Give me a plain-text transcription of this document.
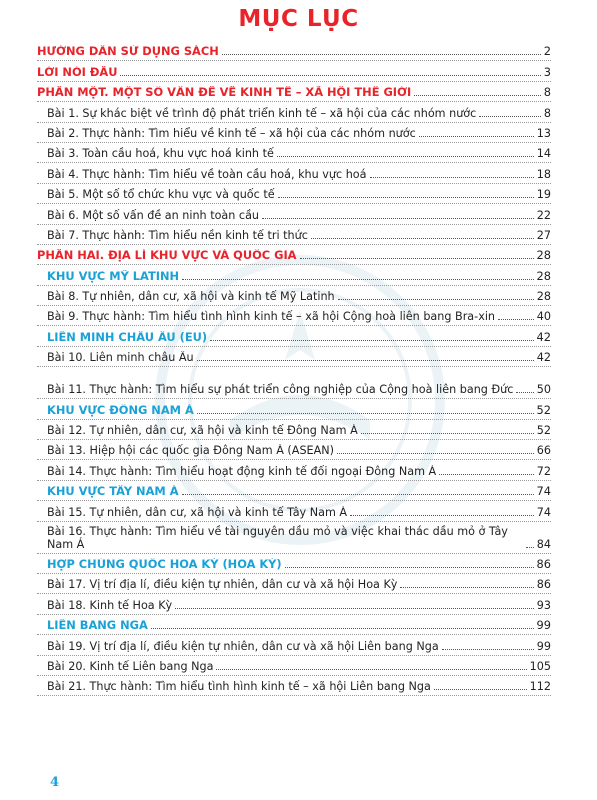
MỤC LỤC
HƯỚNG DẪN SỬ DỤNG SÁCH	2
LỜI NÓI ĐẦU	3
PHẦN MỘT. MỘT SỐ VẤN ĐỀ VỀ KINH TẾ – XÃ HỘI THẾ GIỚI	8
Bài 1. Sự khác biệt về trình độ phát triển kinh tế – xã hội của các nhóm nước	8
Bài 2. Thực hành: Tìm hiểu về kinh tế – xã hội của các nhóm nước	13
Bài 3. Toàn cầu hoá, khu vực hoá kinh tế	14
Bài 4. Thực hành: Tìm hiểu về toàn cầu hoá, khu vực hoá	18
Bài 5. Một số tổ chức khu vực và quốc tế	19
Bài 6. Một số vấn đề an ninh toàn cầu	22
Bài 7. Thực hành: Tìm hiểu nền kinh tế tri thức	27
PHẦN HAI. ĐỊA LÍ KHU VỰC VÀ QUỐC GIA	28
KHU VỰC MỸ LATINH	28
Bài 8. Tự nhiên, dân cư, xã hội và kinh tế Mỹ Latinh	28
Bài 9. Thực hành: Tìm hiểu tình hình kinh tế – xã hội Cộng hoà liên bang Bra-xin	40
LIÊN MINH CHÂU ÂU (EU)	42
Bài 10. Liên minh châu Âu	42
Bài 11. Thực hành: Tìm hiểu sự phát triển công nghiệp của Cộng hoà liên bang Đức 50
KHU VỰC ĐÔNG NAM Á	52
Bài 12. Tự nhiên, dân cư, xã hội và kinh tế Đông Nam Á	52
Bài 13. Hiệp hội các quốc gia Đông Nam Á (ASEAN)	66
Bài 14. Thực hành: Tìm hiểu hoạt động kinh tế đối ngoại Đông Nam Á	72
KHU VỰC TÂY NAM Á	74
Bài 15. Tự nhiên, dân cư, xã hội và kinh tế Tây Nam Á	74
Bài 16. Thực hành: Tìm hiểu về tài nguyên dầu mỏ và việc khai thác dầu mỏ ở Tây Nam Á	84
HỢP CHÚNG QUỐC HOA KỲ (HOA KỲ)	86
Bài 17. Vị trí địa lí, điều kiện tự nhiên, dân cư và xã hội Hoa Kỳ	86
Bài 18. Kinh tế Hoa Kỳ	93
LIÊN BANG NGA	99
Bài 19. Vị trí địa lí, điều kiện tự nhiên, dân cư và xã hội Liên bang Nga	99
Bài 20. Kinh tế Liên bang Nga	105
Bài 21. Thực hành: Tìm hiểu tình hình kinh tế – xã hội Liên bang Nga	112
4
